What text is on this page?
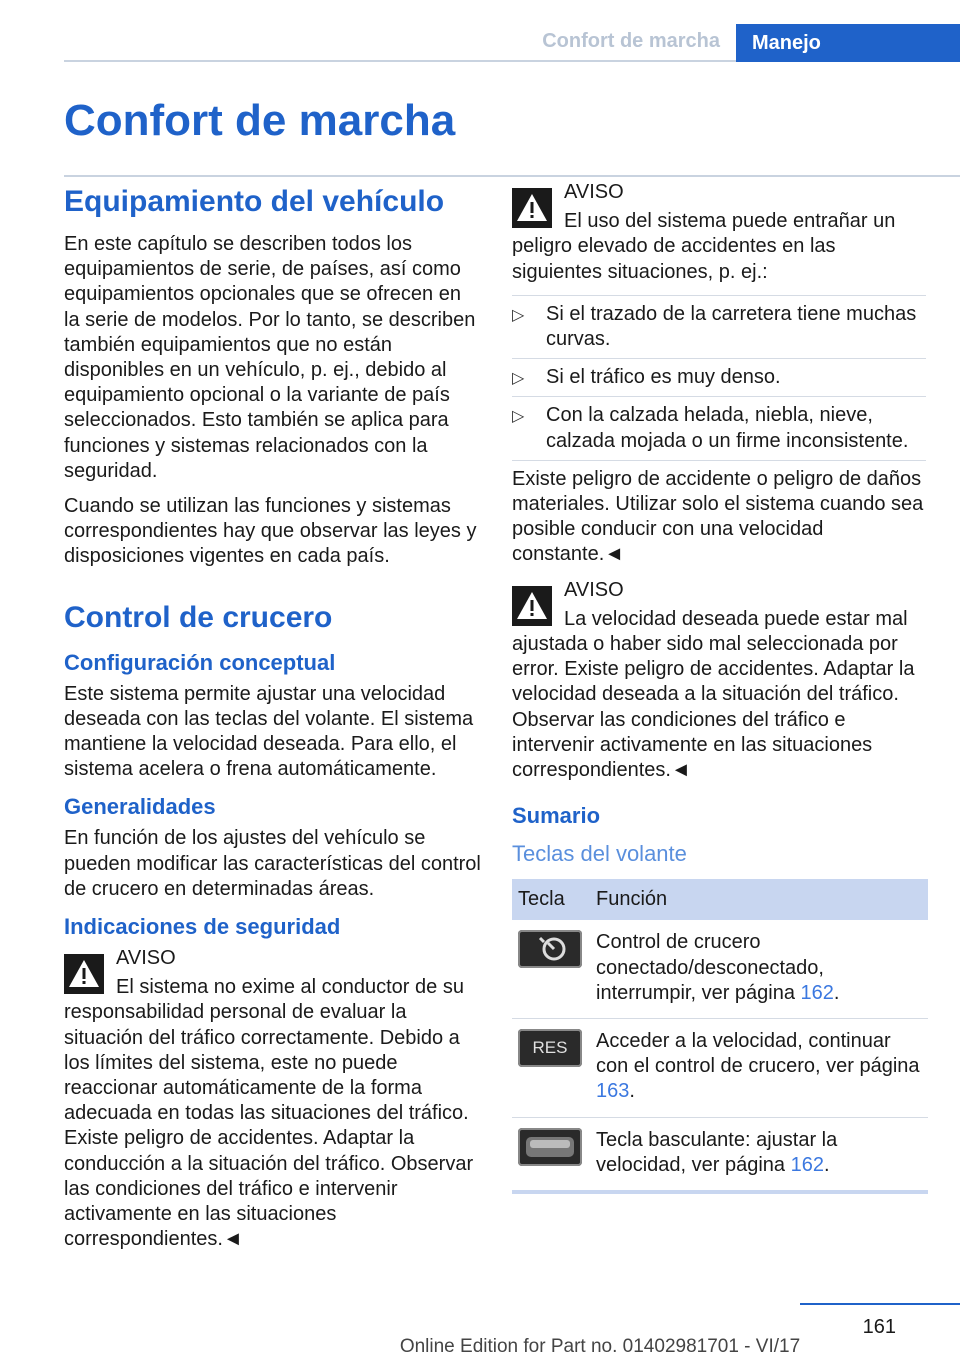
Confort de marcha	Manejo
Confort de marcha
Equipamiento del vehículo

En este capítulo se describen todos los equipamientos de serie, de países, así como equipamientos opcionales que se ofrecen en la serie de modelos. Por lo tanto, se describen también equipamientos que no están disponibles en un vehículo, p. ej., debido al equipamiento opcional o la variante de país seleccionados. Esto también se aplica para funciones y sistemas relacionados con la seguridad.

Cuando se utilizan las funciones y sistemas correspondientes hay que observar las leyes y disposiciones vigentes en cada país.

Control de crucero
Configuración conceptual

Este sistema permite ajustar una velocidad deseada con las teclas del volante. El sistema mantiene la velocidad deseada. Para ello, el sistema acelera o frena automáticamente.

Generalidades

En función de los ajustes del vehículo se pueden modificar las características del control de crucero en determinadas áreas.

Indicaciones de seguridad
AVISO
El sistema no exime al conductor de su responsabilidad personal de evaluar la situación del tráfico correctamente. Debido a los límites del sistema, este no puede reaccionar automáticamente de la forma adecuada en todas las situaciones del tráfico. Existe peligro de accidentes. Adaptar la conducción a la situación del tráfico. Observar las condiciones del tráfico e intervenir activamente en las situaciones correspondientes.◄
AVISO
El uso del sistema puede entrañar un peligro elevado de accidentes en las siguientes situaciones, p. ej.:
▷ Si el trazado de la carretera tiene muchas curvas.
▷ Si el tráfico es muy denso.
▷ Con la calzada helada, niebla, nieve, calzada mojada o un firme inconsistente.

Existe peligro de accidente o peligro de daños materiales. Utilizar solo el sistema cuando sea posible conducir con una velocidad constante.◄

AVISO
La velocidad deseada puede estar mal ajustada o haber sido mal seleccionada por error. Existe peligro de accidentes. Adaptar la velocidad deseada a la situación del tráfico. Observar las condiciones del tráfico e intervenir activamente en las situaciones correspondientes.◄
Sumario
Teclas del volante
Tecla	Función

	Control de crucero conectado/desconectado, interrumpir, ver página 162.

RES	Acceder a la velocidad, continuar con el control de crucero, ver página 163.

	Tecla basculante: ajustar la velocidad, ver página 162.
161
Online Edition for Part no. 01402981701 - VI/17
